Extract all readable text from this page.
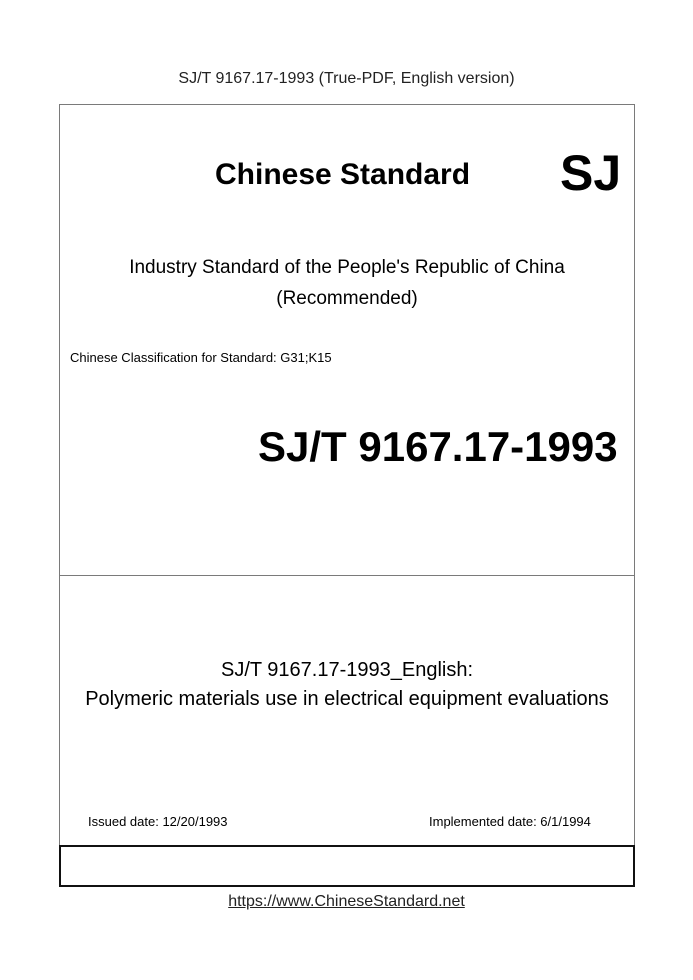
SJ/T 9167.17-1993 (True-PDF, English version)
Chinese Standard SJ
Industry Standard of the People's Republic of China
(Recommended)
Chinese Classification for Standard: G31;K15
SJ/T 9167.17-1993
SJ/T 9167.17-1993_English:
Polymeric materials use in electrical equipment evaluations
Issued date: 12/20/1993	Implemented date: 6/1/1994
https://www.ChineseStandard.net
